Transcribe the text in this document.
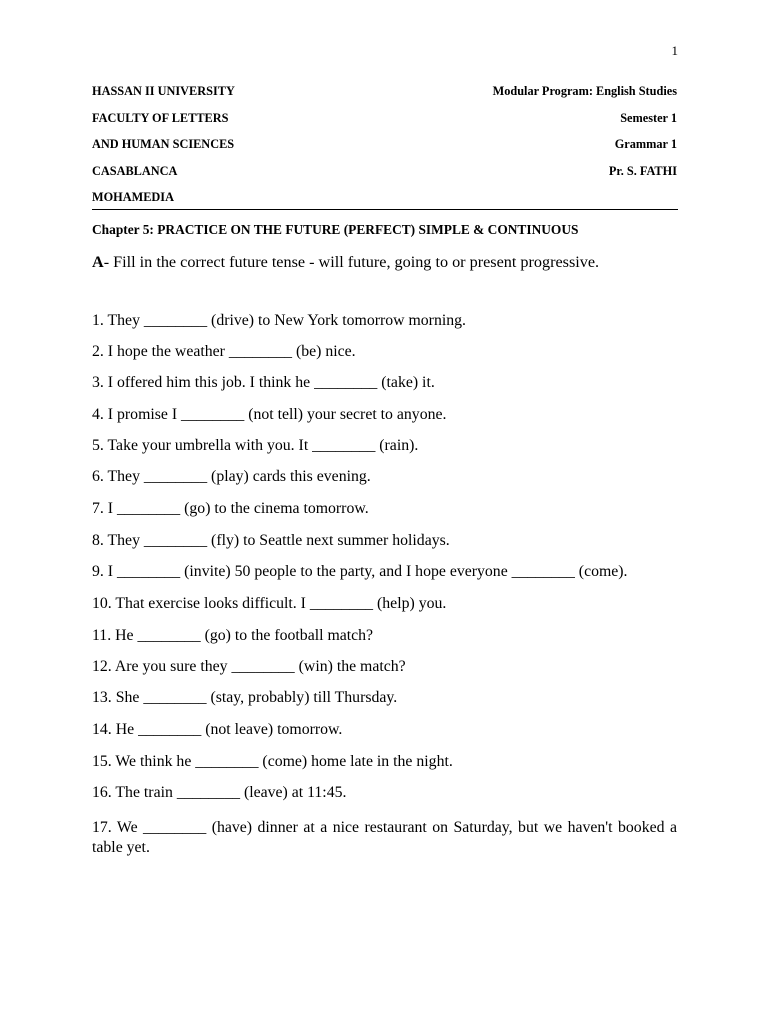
1
HASSAN II UNIVERSITY	Modular Program: English Studies
FACULTY OF LETTERS	Semester 1
AND HUMAN SCIENCES	Grammar 1
CASABLANCA	Pr. S. FATHI
MOHAMEDIA
Chapter 5: PRACTICE ON THE FUTURE (PERFECT) SIMPLE & CONTINUOUS
A- Fill in the correct future tense - will future, going to or present progressive.
1. They ________ (drive) to New York tomorrow morning.
2. I hope the weather ________ (be) nice.
3. I offered him this job. I think he ________ (take) it.
4. I promise I ________ (not tell) your secret to anyone.
5. Take your umbrella with you. It ________ (rain).
6. They ________ (play) cards this evening.
7. I ________ (go) to the cinema tomorrow.
8. They ________ (fly) to Seattle next summer holidays.
9. I ________ (invite) 50 people to the party, and I hope everyone ________ (come).
10. That exercise looks difficult. I ________ (help) you.
11. He ________ (go) to the football match?
12. Are you sure they ________ (win) the match?
13. She ________ (stay, probably) till Thursday.
14. He ________ (not leave) tomorrow.
15. We think he ________ (come) home late in the night.
16. The train ________ (leave) at 11:45.
17. We ________ (have) dinner at a nice restaurant on Saturday, but we haven't booked a table yet.
